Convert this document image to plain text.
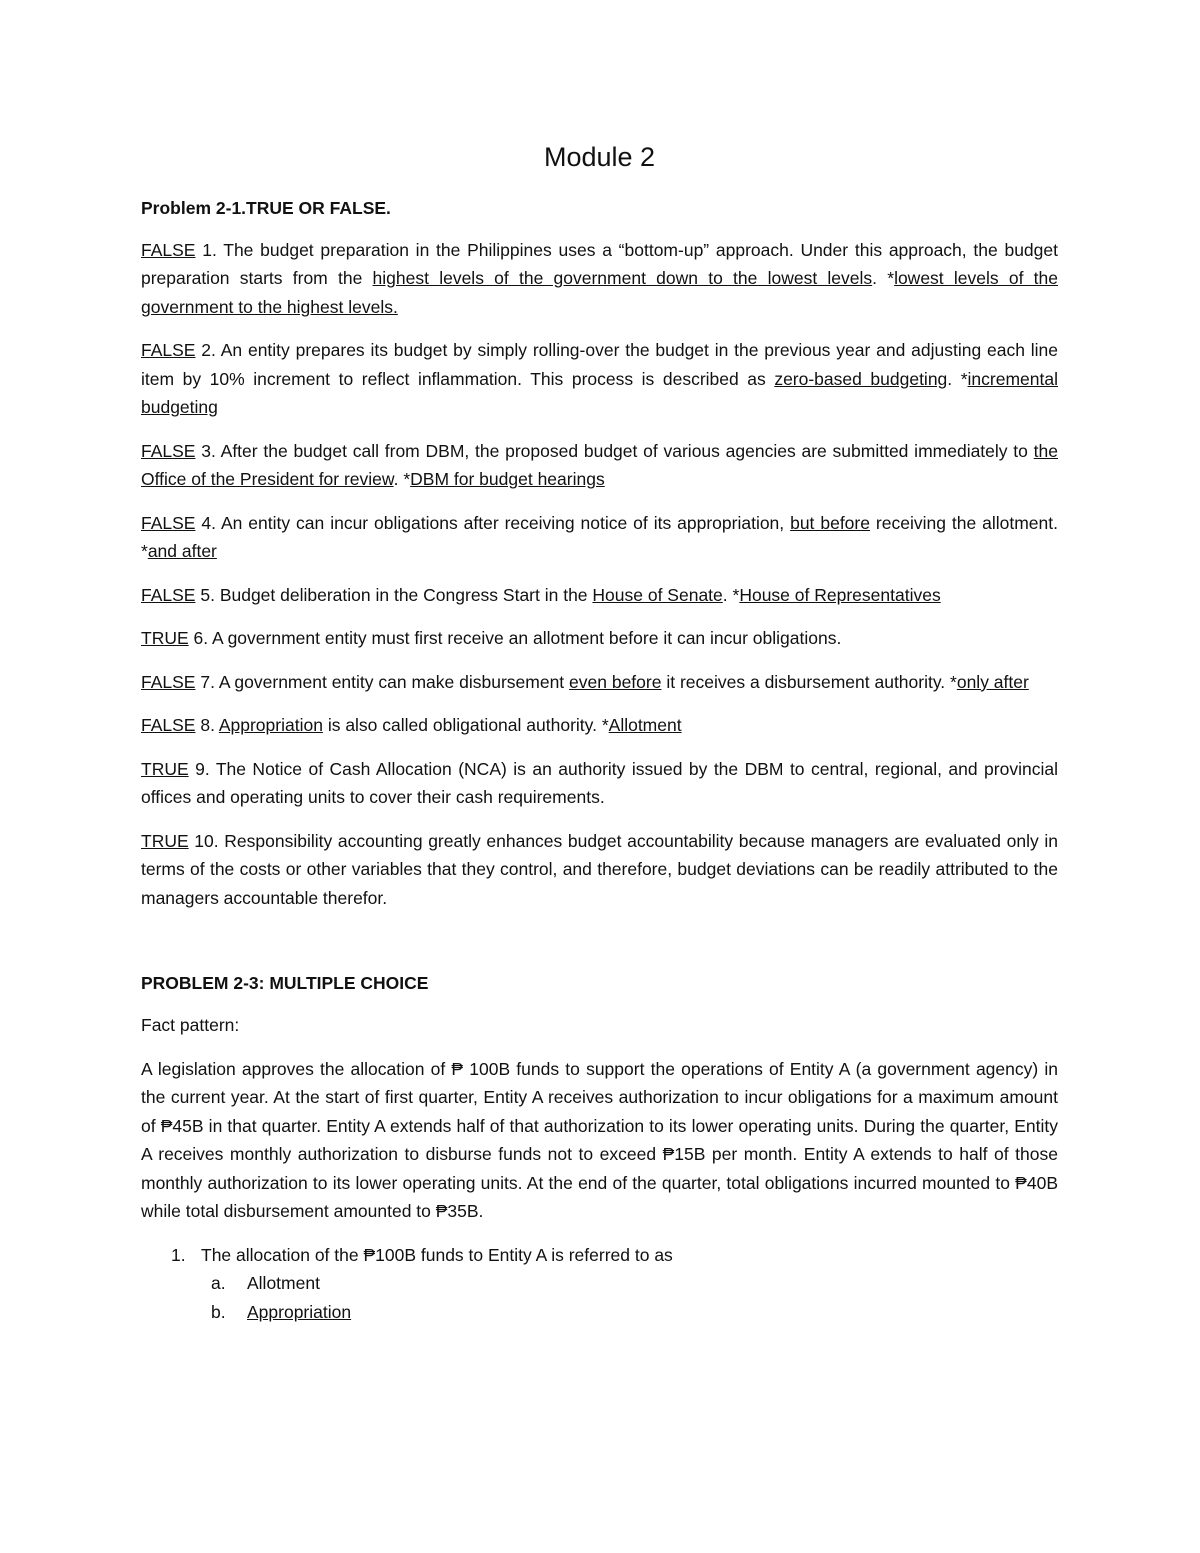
Module 2
Problem 2-1.TRUE OR FALSE.
FALSE 1. The budget preparation in the Philippines uses a “bottom-up” approach. Under this approach, the budget preparation starts from the highest levels of the government down to the lowest levels. *lowest levels of the government to the highest levels.
FALSE 2. An entity prepares its budget by simply rolling-over the budget in the previous year and adjusting each line item by 10% increment to reflect inflammation. This process is described as zero-based budgeting. *incremental budgeting
FALSE 3. After the budget call from DBM, the proposed budget of various agencies are submitted immediately to the Office of the President for review. *DBM for budget hearings
FALSE 4. An entity can incur obligations after receiving notice of its appropriation, but before receiving the allotment. *and after
FALSE 5. Budget deliberation in the Congress Start in the House of Senate. *House of Representatives
TRUE 6. A government entity must first receive an allotment before it can incur obligations.
FALSE 7. A government entity can make disbursement even before it receives a disbursement authority. *only after
FALSE 8. Appropriation is also called obligational authority. *Allotment
TRUE 9. The Notice of Cash Allocation (NCA) is an authority issued by the DBM to central, regional, and provincial offices and operating units to cover their cash requirements.
TRUE 10. Responsibility accounting greatly enhances budget accountability because managers are evaluated only in terms of the costs or other variables that they control, and therefore, budget deviations can be readily attributed to the managers accountable therefor.
PROBLEM 2-3: MULTIPLE CHOICE
Fact pattern:
A legislation approves the allocation of ₱ 100B funds to support the operations of Entity A (a government agency) in the current year. At the start of first quarter, Entity A receives authorization to incur obligations for a maximum amount of ₱45B in that quarter. Entity A extends half of that authorization to its lower operating units. During the quarter, Entity A receives monthly authorization to disburse funds not to exceed ₱15B per month. Entity A extends to half of those monthly authorization to its lower operating units. At the end of the quarter, total obligations incurred mounted to ₱40B while total disbursement amounted to ₱35B.
1. The allocation of the ₱100B funds to Entity A is referred to as
a.	Allotment
b.	Appropriation
